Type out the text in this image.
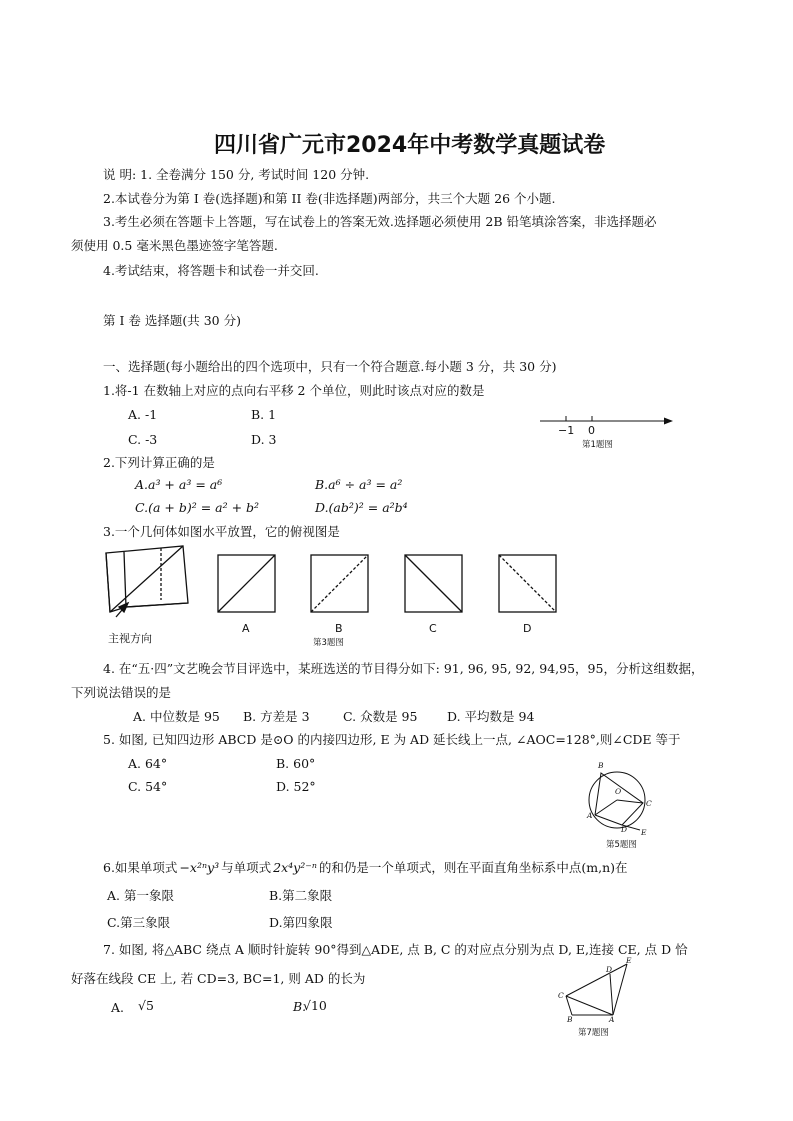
四川省广元市2024年中考数学真题试卷
说 明: 1. 全卷满分 150 分, 考试时间 120 分钟.
2.本试卷分为第 I 卷(选择题)和第 II 卷(非选择题)两部分，共三个大题 26 个小题.
3.考生必须在答题卡上答题，写在试卷上的答案无效.选择题必须使用 2B 铅笔填涂答案，非选择题必
须使用 0.5 毫米黑色墨迹签字笔答题.
4.考试结束，将答题卡和试卷一并交回.
第 I 卷 选择题(共 30 分)
一、选择题(每小题给出的四个选项中，只有一个符合题意.每小题 3 分，共 30 分)
1.将-1 在数轴上对应的点向右平移 2 个单位，则此时该点对应的数是
A. -1	B. 1
C. -3	D. 3
−1 0
第1题图
2.下列计算正确的是
A.a³ + a³ = a⁶	B.a⁶ ÷ a³ = a²
C.(a + b)² = a² + b²	D.(ab²)² = a²b⁴
3.一个几何体如图水平放置，它的俯视图是
主视方向
A	B	C	D
第3题图
4. 在“五·四”文艺晚会节目评选中，某班选送的节目得分如下: 91, 96, 95, 92, 94,95，95，分析这组数据，
下列说法错误的是
A. 中位数是 95 B. 方差是 3	C. 众数是 95 D. 平均数是 94
5. 如图, 已知四边形 ABCD 是⊙O 的内接四边形, E 为 AD 延长线上一点, ∠AOC=128°,则∠CDE 等于
A. 64°	B. 60°
C. 54°	D. 52°
B
O
C
A
D E
第5题图
6.如果单项式 −x²ⁿy³ 与单项式 2x⁴y²⁻ⁿ 的和仍是一个单项式，则在平面直角坐标系中点(m,n)在
A. 第一象限	B.第二象限
C.第三象限	D.第四象限
7. 如图, 将△ABC 绕点 A 顺时针旋转 90°得到△ADE, 点 B, C 的对应点分别为点 D, E,连接 CE, 点 D 恰
好落在线段 CE 上, 若 CD=3, BC=1, 则 AD 的长为
A. √5	B.
√10
C
D
E
B	A
第7题图
